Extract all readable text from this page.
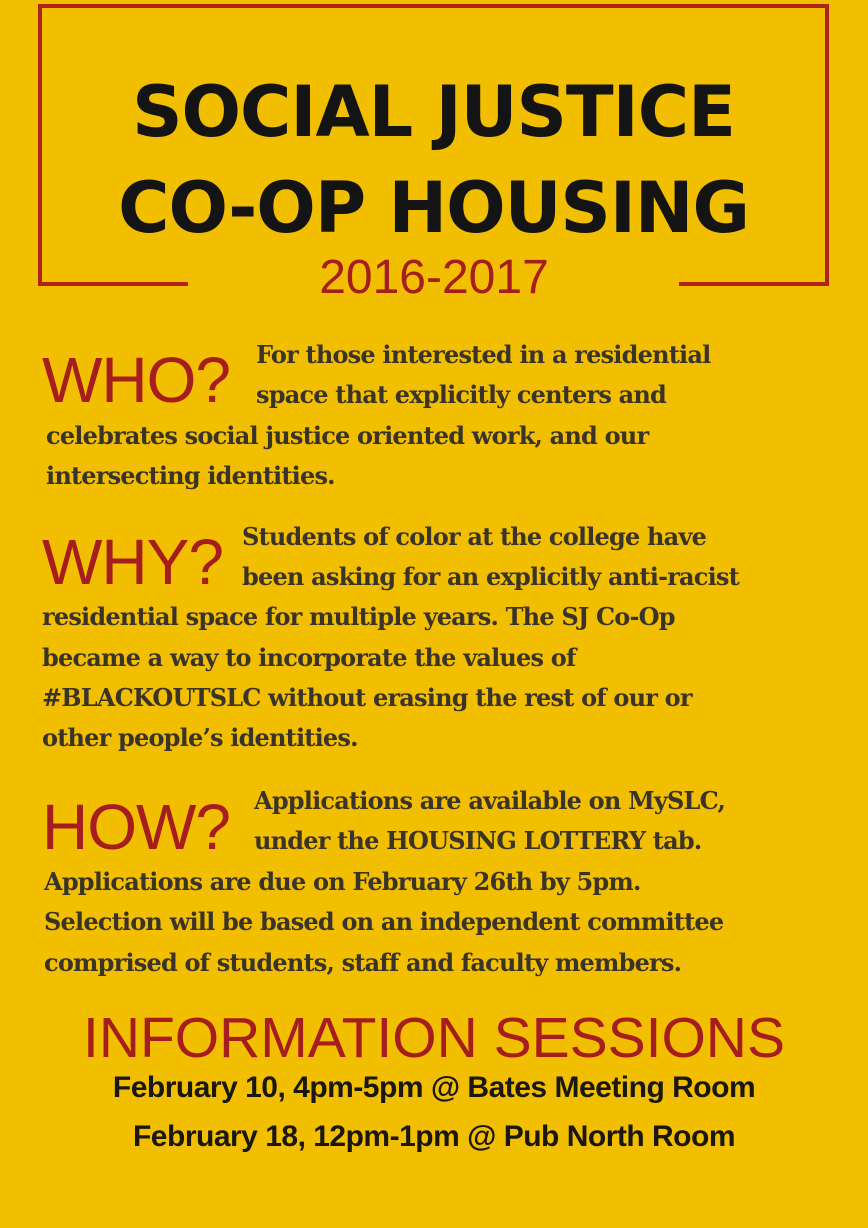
SOCIAL JUSTICE
CO-OP HOUSING
2016-2017
WHO? For those interested in a residential

space that explicitly centers and

celebrates social justice oriented work, and our

intersecting identities.

WHY? Students of color at the college have

been asking for an explicitly anti-racist

residential space for multiple years. The SJ Co-Op

became a way to incorporate the values of

#BLACKOUTSLC without erasing the rest of our or

other people’s identities.

HOW? Applications are available on MySLC,

under the HOUSING LOTTERY tab.

Applications are due on February 26th by 5pm.

Selection will be based on an independent committee

comprised of students, staff and faculty members.

INFORMATION SESSIONS
February 10, 4pm-5pm @ Bates Meeting Room
February 18, 12pm-1pm @ Pub North Room
